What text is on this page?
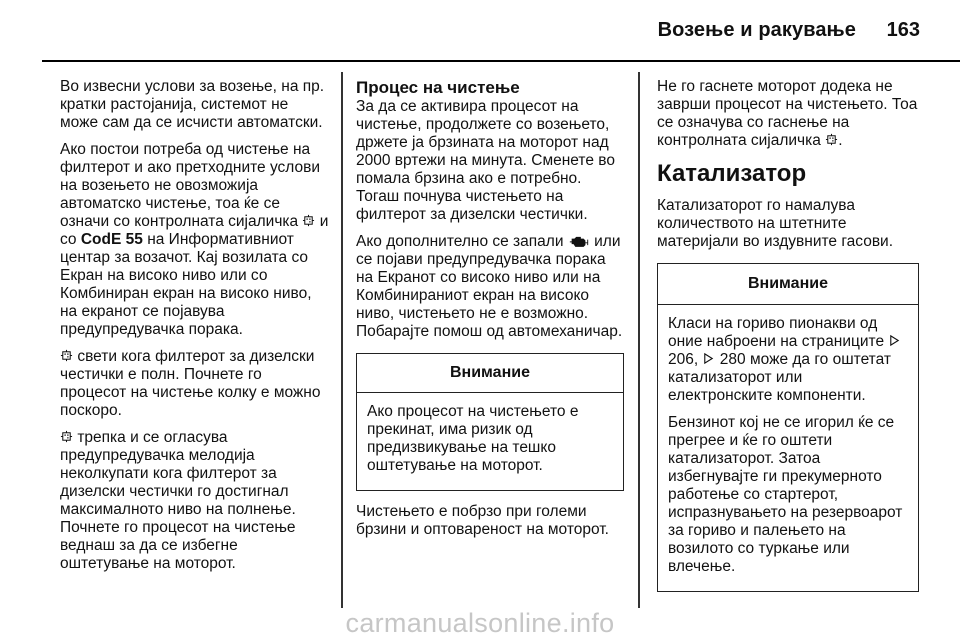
Возење и ракување 163

Во извесни услови за возење, на пр. кратки растојанија, системот не може сам да се исчисти автоматски.

Ако постои потреба од чистење на филтерот и ако претходните услови на возењето не овозможија автоматско чистење, тоа ќе се означи со контролната сијаличка и со CodE 55 на Информативниот центар за возачот. Кај возилата со Екран на високо ниво или со Комбиниран екран на високо ниво, на екранот се појавува предупредувачка порака.

свети кога филтерот за дизелски честички е полн. Почнете го процесот на чистење колку е можно поскоро.

трепка и се огласува предупредувачка мелодија неколкупати кога филтерот за дизелски честички го достигнал максималното ниво на полнење. Почнете го процесот на чистење веднаш за да се избегне оштетување на моторот.

Процес на чистење

За да се активира процесот на чистење, продолжете со возењето, држете ја брзината на моторот над 2000 вртежи на минута. Сменете во помала брзина ако е потребно. Тогаш почнува чистењето на филтерот за дизелски честички.

Ако дополнително се запали или се појави предупредувачка порака на Екранот со високо ниво или на Комбинираниот екран на високо ниво, чистењето не е возможно. Побарајте помош од автомеханичар.

Внимание

Ако процесот на чистењето е прекинат, има ризик од предизвикување на тешко оштетување на моторот.

Чистењето е побрзо при големи брзини и оптовареност на моторот.

Не го гаснете моторот додека не заврши процесот на чистењето. Тоа се означува со гаснење на контролната сијаличка .

Катализатор

Катализаторот го намалува количеството на штетните материјали во издувните гасови.

Внимание

Класи на гориво пионакви од оние наброени на страниците  206, 280 може да го оштетат катализаторот или електронските компоненти.

Бензинот кој не се игорил ќе се прегрее и ќе го оштети катализаторот. Затоа избегнувајте ги прекумерното работење со стартерот, испразнувањето на резервоарот за гориво и палењето на возилото со туркање или влечење.

carmanualsonline.info
